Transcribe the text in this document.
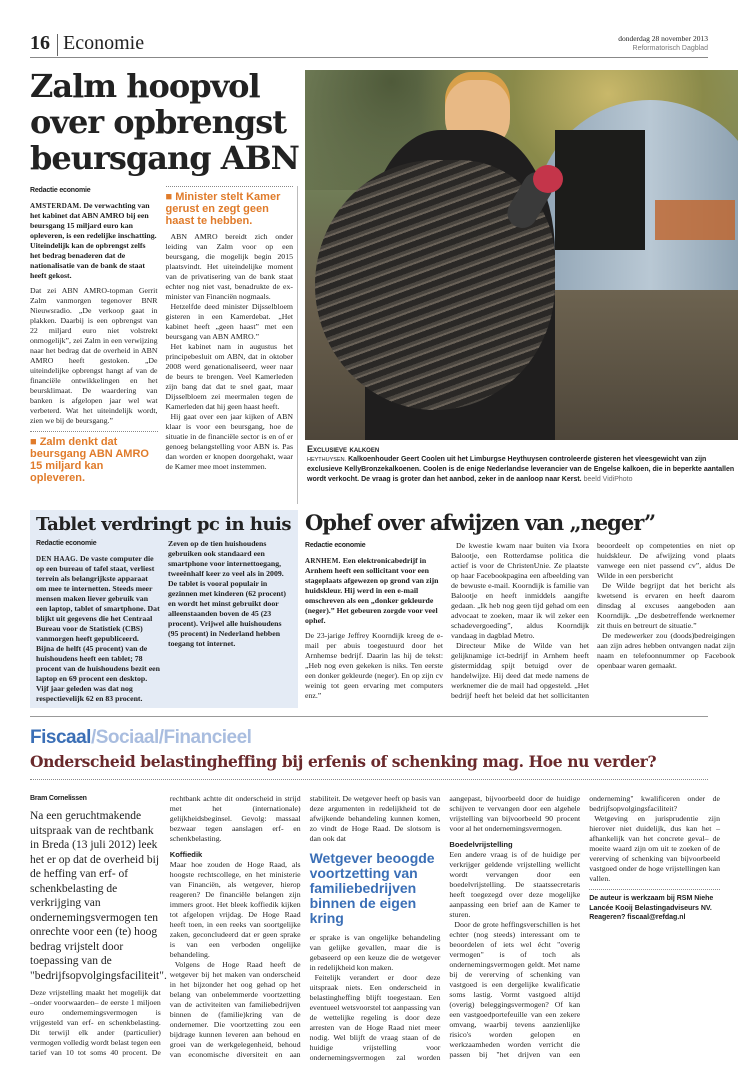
16 Economie	donderdag 28 november 2013
Reformatorisch Dagblad
Zalm hoopvol
over opbrengst
beursgang ABN
Redactie economie

AMSTERDAM. De verwachting van het kabinet dat ABN AMRO bij een beursgang 15 miljard euro kan opleveren, is een redelijke inschatting. Uiteindelijk kan de opbrengst zelfs het bedrag benaderen dat de nationalisatie van de bank de staat heeft gekost.

Dat zei ABN AMRO-topman Gerrit Zalm vanmorgen tegenover BNR Nieuwsradio. „De verkoop gaat in plakken. Daarbij is een opbrengst van 22 miljard euro niet volstrekt onmogelijk”, zei Zalm in een verwijzing naar het bedrag dat de overheid in ABN AMRO heeft gestoken. „De uiteindelijke opbrengst hangt af van de financiële ontwikkelingen en het beursklimaat. De waardering van banken is afgelopen jaar wel wat verbeterd. Wat het uiteindelijk wordt, zien we bij de beursgang.”

■ Zalm denkt dat beursgang ABN AMRO 15 miljard kan opleveren.
■ Minister stelt Kamer gerust en zegt geen haast te hebben.

ABN AMRO bereidt zich onder leiding van Zalm voor op een beursgang, die mogelijk begin 2015 plaatsvindt. Het uiteindelijke moment van de privatisering van de bank staat echter nog niet vast, benadrukte de ex-minister van Financiën nogmaals.

Hetzelfde deed minister Dijsselbloem gisteren in een Kamerdebat. „Het kabinet heeft „geen haast” met een beursgang van ABN AMRO.”

Het kabinet nam in augustus het principebesluit om ABN, dat in oktober 2008 werd genationaliseerd, weer naar de beurs te brengen. Veel Kamerleden zijn bang dat dat te snel gaat, maar Dijsselbloem zei meermalen tegen de Kamerleden dat hij geen haast heeft.

Hij gaat over een jaar kijken of ABN klaar is voor een beursgang, hoe de situatie in de financiële sector is en of er genoeg belangstelling voor ABN is. Pas dan worden er knopen doorgehakt, waar de Kamer mee moet instemmen.

Exclusieve kalkoen
HEYTHUYSEN. Kalkoenhouder Geert Coolen uit het Limburgse Heythuysen controleerde gisteren het vleesgewicht van zijn exclusieve KellyBronzekalkoenen. Coolen is de enige Nederlandse leverancier van de Engelse kalkoen, die in beperkte aantallen wordt verkocht. De vraag is groter dan het aanbod, zeker in de aanloop naar Kerst. beeld VidiPhoto
Tablet verdringt pc in huis
Redactie economie

DEN HAAG. De vaste computer die op een bureau of tafel staat, verliest terrein als belangrijkste apparaat om mee te internetten. Steeds meer mensen maken liever gebruik van een laptop, tablet of smartphone. Dat blijkt uit gegevens die het Centraal Bureau voor de Statistiek (CBS) vanmorgen heeft gepubliceerd.

Bijna de helft (45 procent) van de huishoudens heeft een tablet; 78 procent van de huishoudens bezit een laptop en 69 procent een desktop. Vijf jaar geleden was dat nog respectievelijk 62 en 83 procent. Zeven op de tien huishoudens gebruiken ook standaard een smartphone voor internettoegang, tweeënhalf keer zo veel als in 2009.

De tablet is vooral populair in gezinnen met kinderen (62 procent) en wordt het minst gebruikt door alleenstaanden boven de 45 (23 procent). Vrijwel alle huishoudens (95 procent) in Nederland hebben toegang tot internet.

Ophef over afwijzen van „neger”
Redactie economie

ARNHEM. Een elektronicabedrijf in Arnhem heeft een sollicitant voor een stageplaats afgewezen op grond van zijn huidskleur. Hij werd in een e-mail omschreven als een „donker gekleurde (neger).” Het gebeuren zorgde voor veel ophef.

De 23-jarige Jeffrey Koorndijk kreeg de e-mail per abuis toegestuurd door het Arnhemse bedrijf. Daarin las hij de tekst: „Heb nog even gekeken is niks. Ten eerste een donker gekleurde (neger). En op zijn cv weinig tot geen ervaring met computers enz.”

De kwestie kwam naar buiten via Ixora Balootje, een Rotterdamse politica die actief is voor de ChristenUnie. Ze plaatste op haar Facebookpagina een afbeelding van de bewuste e-mail. Koorndijk is familie van Balootje en heeft inmiddels aangifte gedaan. „Ik heb nog geen tijd gehad om een advocaat te zoeken, maar ik wil zeker een schadevergoeding”, aldus Koorndijk vandaag in dagblad Metro.

Directeur Mike de Wilde van het gelijknamige ict-bedrijf in Arnhem heeft gistermiddag spijt betuigd over de handelwijze. Hij deed dat mede namens de werknemer die de mail had opgesteld. „Het bedrijf heeft het beleid dat het sollicitanten beoordeelt op competenties en niet op huidskleur. De afwijzing vond plaats vanwege een niet passend cv”, aldus De Wilde in een persbericht

De Wilde begrijpt dat het bericht als kwetsend is ervaren en heeft daarom dinsdag al excuses aangeboden aan Koorndijk. „De desbetreffende werknemer zit thuis en betreurt de situatie.”

De medewerker zou (doods)bedreigingen aan zijn adres hebben ontvangen nadat zijn naam en telefoonnummer op Facebook openbaar waren gemaakt.

Fiscaal/Sociaal/Financieel
Onderscheid belastingheffing bij erfenis of schenking mag. Hoe nu verder?
Bram Cornelissen

Na een geruchtmakende uitspraak van de rechtbank in Breda (13 juli 2012) leek het er op dat de overheid bij de heffing van erf- of schenkbelasting de verkrijging van ondernemingsvermogen ten onrechte voor een (te) hoog bedrag vrijstelt door toepassing van de "bedrijfsopvolgingsfaciliteit".

Deze vrijstelling maakt het mogelijk dat –onder voorwaarden– de eerste 1 miljoen euro ondernemingsvermogen is vrijgesteld van erf- en schenkbelasting. Dit terwijl elk ander (particulier) vermogen volledig wordt belast tegen een tarief van 10 tot soms 40 procent. De rechtbank achtte dit onderscheid in strijd met het (internationale) gelijkheidsbeginsel. Gevolg: massaal bezwaar tegen aanslagen erf- en schenkbelasting.

Koffiedik

Maar hoe zouden de Hoge Raad, als hoogste rechtscollege, en het ministerie van Financiën, als wetgever, hierop reageren? De financiële belangen zijn immers groot. Het bleek koffiedik kijken tot afgelopen vrijdag. De Hoge Raad heeft toen, in een reeks van soortgelijke zaken, geconcludeerd dat er geen sprake is van een verboden ongelijke behandeling.

Volgens de Hoge Raad heeft de wetgever bij het maken van onderscheid in het bijzonder het oog gehad op het belang van onbelemmerde voortzetting van de activiteiten van familiebedrijven binnen de (familie)kring van de ondernemer. Die voortzetting zou een bijdrage kunnen leveren aan behoud en groei van de werkgelegenheid, behoud van economische diversiteit en aan stabiliteit. De wetgever heeft op basis van deze argumenten in redelijkheid tot de afwijkende behandeling kunnen komen, zo vindt de Hoge Raad. De slotsom is dan ook dat

Wetgever beoogde voortzetting van familiebedrijven binnen de eigen kring

er sprake is van ongelijke behandeling van gelijke gevallen, maar die is gebaseerd op een keuze die de wetgever in redelijkheid kon maken.

Feitelijk verandert er door deze uitspraak niets. Een onderscheid in belastingheffing blijft toegestaan. Een eventueel wetsvoorstel tot aanpassing van de wettelijke regeling is door deze arresten van de Hoge Raad niet meer nodig. Wel blijft de vraag staan of de huidige vrijstelling voor ondernemingsvermogen zal worden aangepast, bijvoorbeeld door de huidige schijven te vervangen door een algehele vrijstelling van bijvoorbeeld 90 procent voor al het ondernemingsvermogen.

Boedelvrijstelling

Een andere vraag is of de huidige per verkrijger geldende vrijstelling wellicht wordt vervangen door een boedelvrijstelling. De staatssecretaris heeft toegezegd over deze mogelijke aanpassing een brief aan de Kamer te sturen.

Door de grote heffingsverschillen is het echter (nog steeds) interessant om te beoordelen of iets wel écht "overig vermogen" is of toch als ondernemingsvermogen geldt. Met name bij de vererving of schenking van vastgoed is een dergelijke kwalificatie soms lastig. Vormt vastgoed altijd (overig) beleggingsvermogen? Of kan een vastgoedportefeuille van een zekere omvang, waarbij tevens aanzienlijke risico's worden gelopen en werkzaamheden worden verricht die passen bij "het drijven van een onderneming" kwalificeren onder de bedrijfsopvolgingsfaciliteit?

Wetgeving en jurisprudentie zijn hierover niet duidelijk, dus kan het – afhankelijk van het concrete geval– de moeite waard zijn om uit te zoeken of de vererving of schenking van bijvoorbeeld vastgoed onder de hoge vrijstellingen kan vallen.

De auteur is werkzaam bij RSM Niehe Lancée Kooij Belastingadviseurs NV. Reageren? fiscaal@refdag.nl
